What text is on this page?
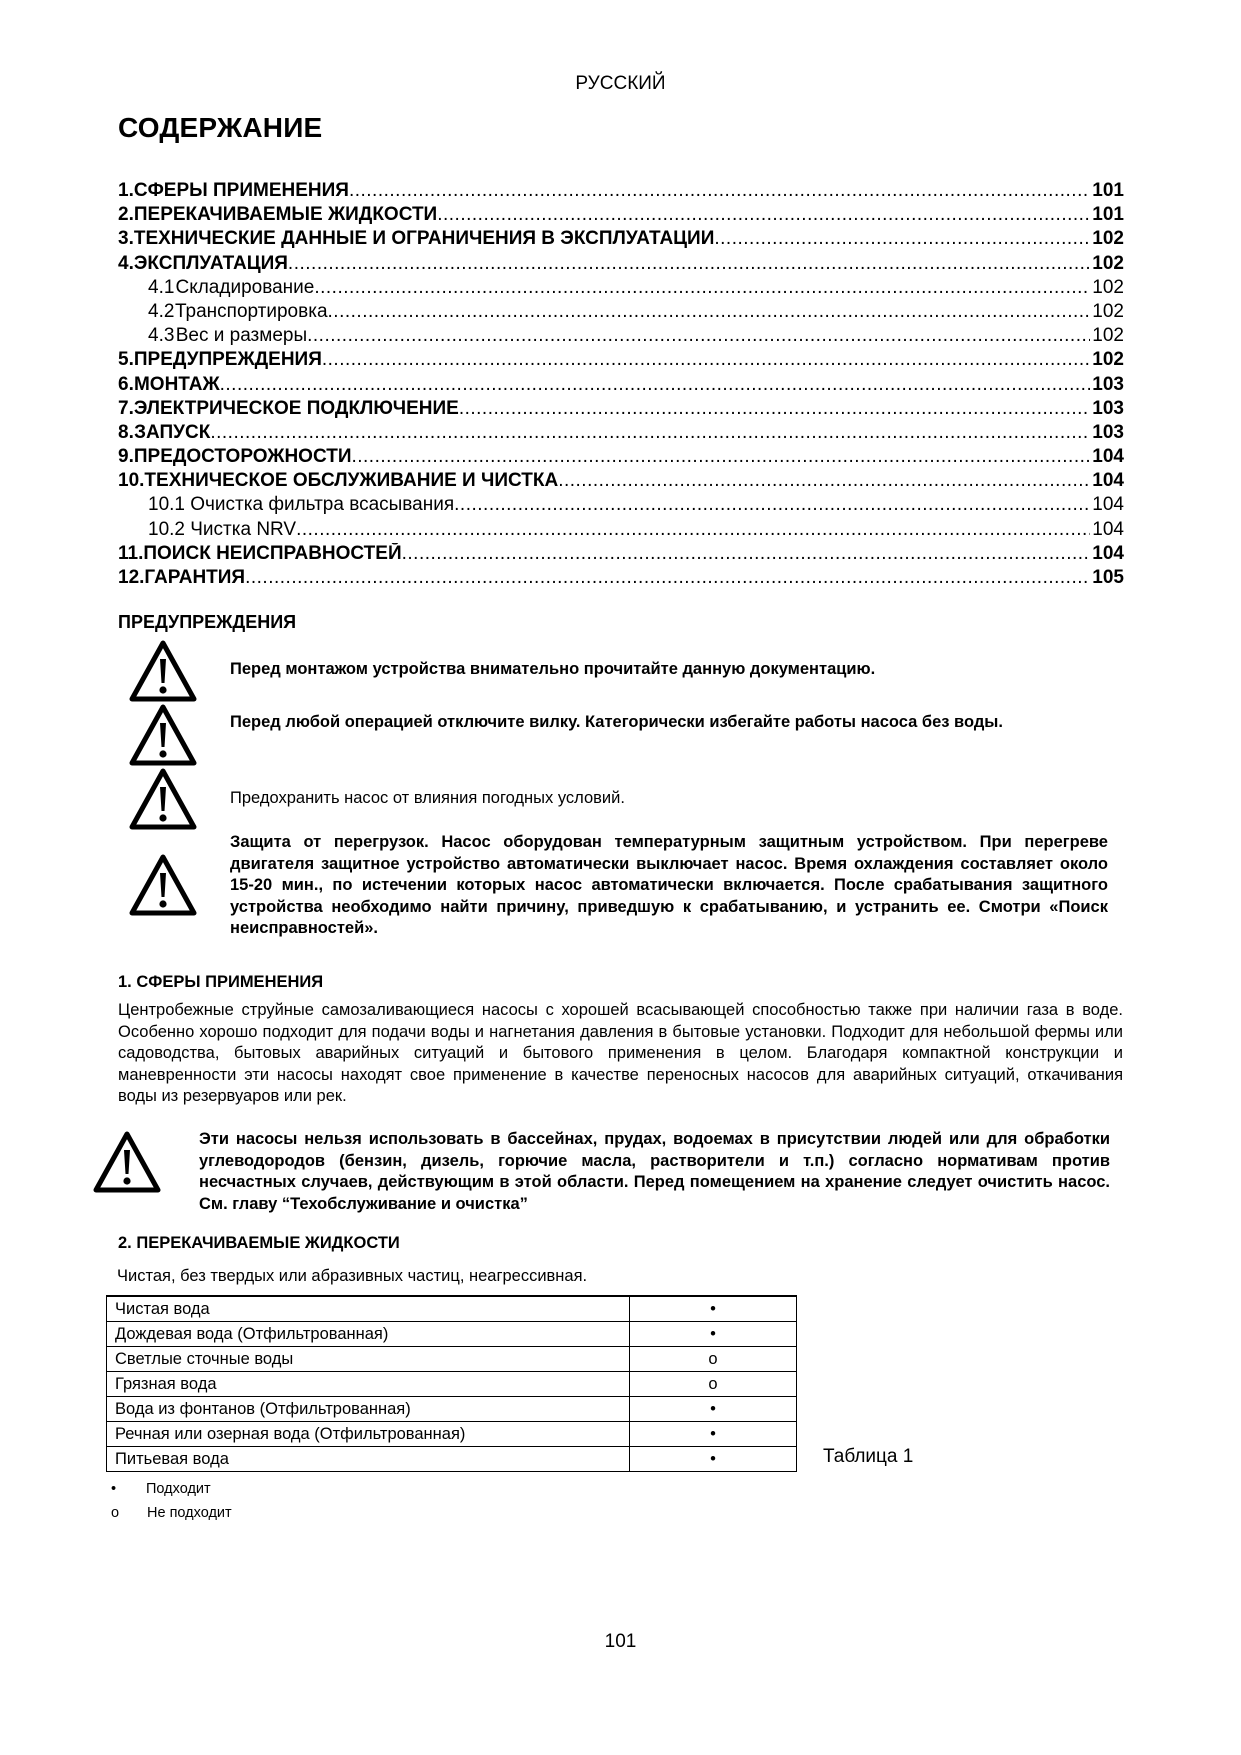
РУССКИЙ
СОДЕРЖАНИЕ
1. СФЕРЫ ПРИМЕНЕНИЯ .....	101
2. ПЕРЕКАЧИВАЕМЫЕ ЖИДКОСТИ .....	101
3. ТЕХНИЧЕСКИЕ ДАННЫЕ И ОГРАНИЧЕНИЯ В ЭКСПЛУАТАЦИИ .....	102
4. ЭКСПЛУАТАЦИЯ .....	102
4.1 Складирование .....	102
4.2 Транспортировка .....	102
4.3 Вес и размеры .....	102
5. ПРЕДУПРЕЖДЕНИЯ .....	102
6. МОНТАЖ .....	103
7. ЭЛЕКТРИЧЕСКОЕ ПОДКЛЮЧЕНИЕ .....	103
8. ЗАПУСК .....	103
9. ПРЕДОСТОРОЖНОСТИ .....	104
10. ТЕХНИЧЕСКОЕ ОБСЛУЖИВАНИЕ И ЧИСТКА .....	104
10.1 Очистка фильтра всасывания .....	104
10.2 Чистка NRV .....	104
11. ПОИСК НЕИСПРАВНОСТЕЙ .....	104
12. ГАРАНТИЯ .....	105
ПРЕДУПРЕЖДЕНИЯ
Перед монтажом устройства внимательно прочитайте данную документацию.
Перед любой операцией отключите вилку. Категорически избегайте работы насоса без воды.
Предохранить насос от влияния погодных условий.
Защита от перегрузок. Насос оборудован температурным защитным устройством. При перегреве двигателя защитное устройство автоматически выключает насос. Время охлаждения составляет около 15-20 мин., по истечении которых насос автоматически включается. После срабатывания защитного устройства необходимо найти причину, приведшую к срабатыванию, и устранить ее. Смотри «Поиск неисправностей».
1. СФЕРЫ ПРИМЕНЕНИЯ
Центробежные струйные самозаливающиеся насосы с хорошей всасывающей способностью также при наличии газа в воде. Особенно хорошо подходит для подачи воды и нагнетания давления в бытовые установки. Подходит для небольшой фермы или садоводства, бытовых аварийных ситуаций и бытового применения в целом. Благодаря компактной конструкции и маневренности эти насосы находят свое применение в качестве переносных насосов для аварийных ситуаций, откачивания воды из резервуаров или рек.
Эти насосы нельзя использовать в бассейнах, прудах, водоемах в присутствии людей или для обработки углеводородов (бензин, дизель, горючие масла, растворители и т.п.) согласно нормативам против несчастных случаев, действующим в этой области. Перед помещением на хранение следует очистить насос. См. главу “Техобслуживание и очистка”
2. ПЕРЕКАЧИВАЕМЫЕ ЖИДКОСТИ
Чистая, без твердых или абразивных частиц, неагрессивная.
Чистая вода	•
Дождевая вода (Отфильтрованная)	•
Светлые сточные воды	o
Грязная вода	o
Вода из фонтанов (Отфильтрованная)	•
Речная или озерная вода (Отфильтрованная)	•
Питьевая вода	•	Таблица 1
• Подходит
o Не подходит
101
